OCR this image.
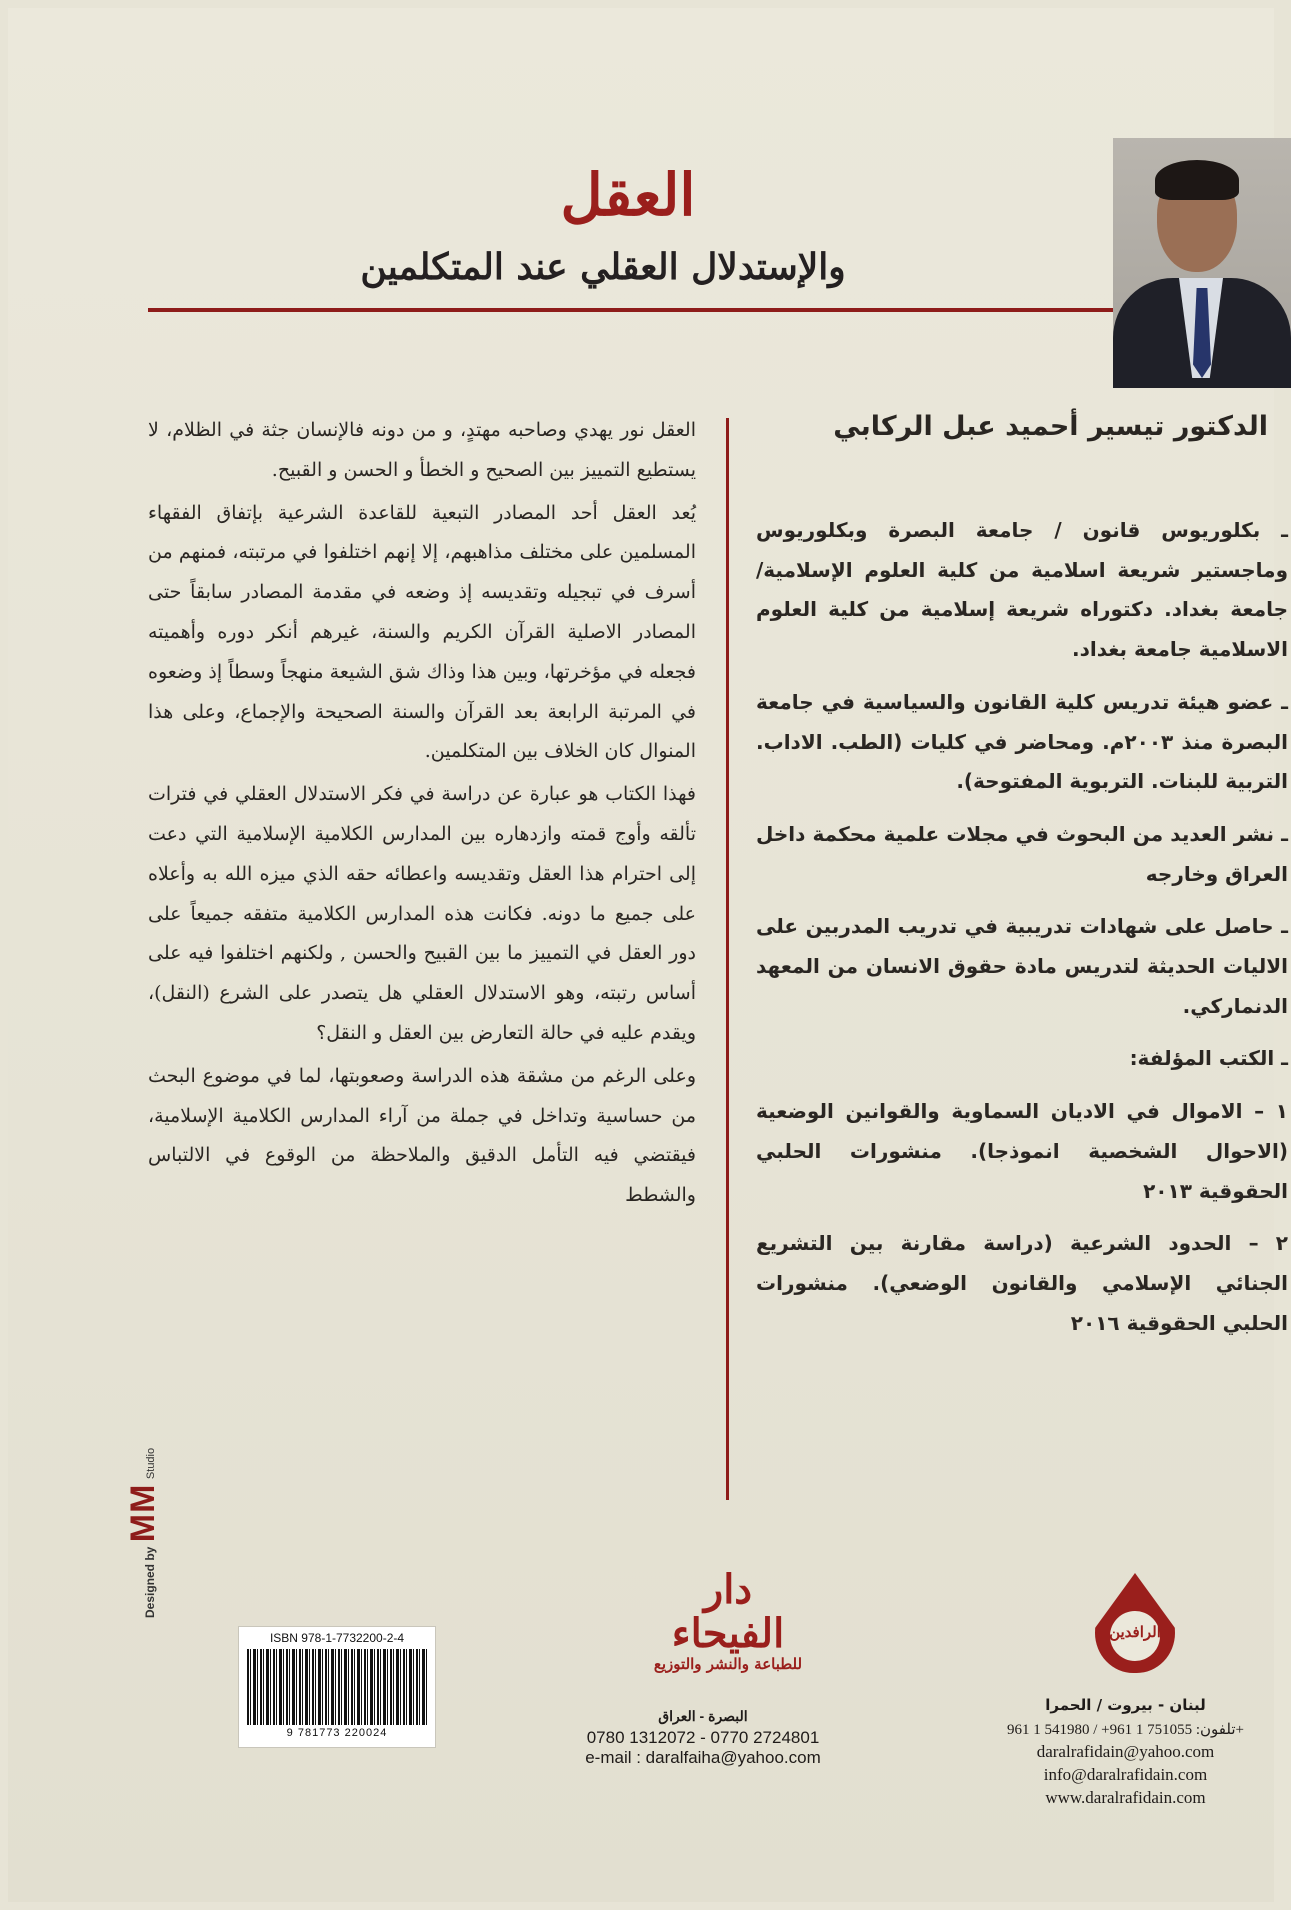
العقل
والإستدلال العقلي عند المتكلمين
الدكتور تيسير أحميد عبل الركابي

ـ بكلوريوس قانون / جامعة البصرة وبكلوريوس وماجستير شريعة اسلامية من كلية العلوم الإسلامية/ جامعة بغداد. دكتوراه شريعة إسلامية من كلية العلوم الاسلامية جامعة بغداد.

ـ عضو هيئة تدريس كلية القانون والسياسية في جامعة البصرة منذ ٢٠٠٣م. ومحاضر في كليات (الطب. الاداب. التربية للبنات. التربوية المفتوحة).

ـ نشر العديد من البحوث في مجلات علمية محكمة داخل العراق وخارجه

ـ حاصل على شهادات تدريبية في تدريب المدربين على الاليات الحديثة لتدريس مادة حقوق الانسان من المعهد الدنماركي.

ـ الكتب المؤلفة:

١ – الاموال في الاديان السماوية والقوانين الوضعية (الاحوال الشخصية انموذجا). منشورات الحلبي الحقوقية ٢٠١٣

٢ – الحدود الشرعية (دراسة مقارنة بين التشريع الجنائي الإسلامي والقانون الوضعي). منشورات الحلبي الحقوقية ٢٠١٦

العقل نور يهدي وصاحبه مهتدٍ، و من دونه فالإنسان جثة في الظلام، لا يستطيع التمييز بين الصحيح و الخطأ و الحسن و القبيح.

يُعد العقل أحد المصادر التبعية للقاعدة الشرعية بإتفاق الفقهاء المسلمين على مختلف مذاهبهم، إلا إنهم اختلفوا في مرتبته، فمنهم من أسرف في تبجيله وتقديسه إذ وضعه في مقدمة المصادر سابقاً حتى المصادر الاصلية القرآن الكريم والسنة، غيرهم أنكر دوره وأهميته فجعله في مؤخرتها، وبين هذا وذاك شق الشيعة منهجاً وسطاً إذ وضعوه في المرتبة الرابعة بعد القرآن والسنة الصحيحة والإجماع، وعلى هذا المنوال كان الخلاف بين المتكلمين.

فهذا الكتاب هو عبارة عن دراسة في فكر الاستدلال العقلي في فترات تألقه وأوج قمته وازدهاره بين المدارس الكلامية الإسلامية التي دعت إلى احترام هذا العقل وتقديسه واعطائه حقه الذي ميزه الله به وأعلاه على جميع ما دونه. فكانت هذه المدارس الكلامية متفقه جميعاً على دور العقل في التمييز ما بين القبيح والحسن , ولكنهم اختلفوا فيه على أساس رتبته، وهو الاستدلال العقلي هل يتصدر على الشرع (النقل)، ويقدم عليه في حالة التعارض بين العقل و النقل؟

وعلى الرغم من مشقة هذه الدراسة وصعوبتها، لما في موضوع البحث من حساسية وتداخل في جملة من آراء المدارس الكلامية الإسلامية، فيقتضي فيه التأمل الدقيق والملاحظة من الوقوع في الالتباس والشطط

Designed by MM Studio
ISBN 978-1-7732200-2-4
9 781773 220024
دار الفيحاء
للطباعة والنشر والتوزيع
البصرة - العراق
0780 1312072 - 0770 2724801
e-mail : daralfaiha@yahoo.com
الرافدين
لبنان - بيروت / الحمرا
تلفون: 751055 1 961+ / 541980 1 961+
daralrafidain@yahoo.com
info@daralrafidain.com
www.daralrafidain.com
